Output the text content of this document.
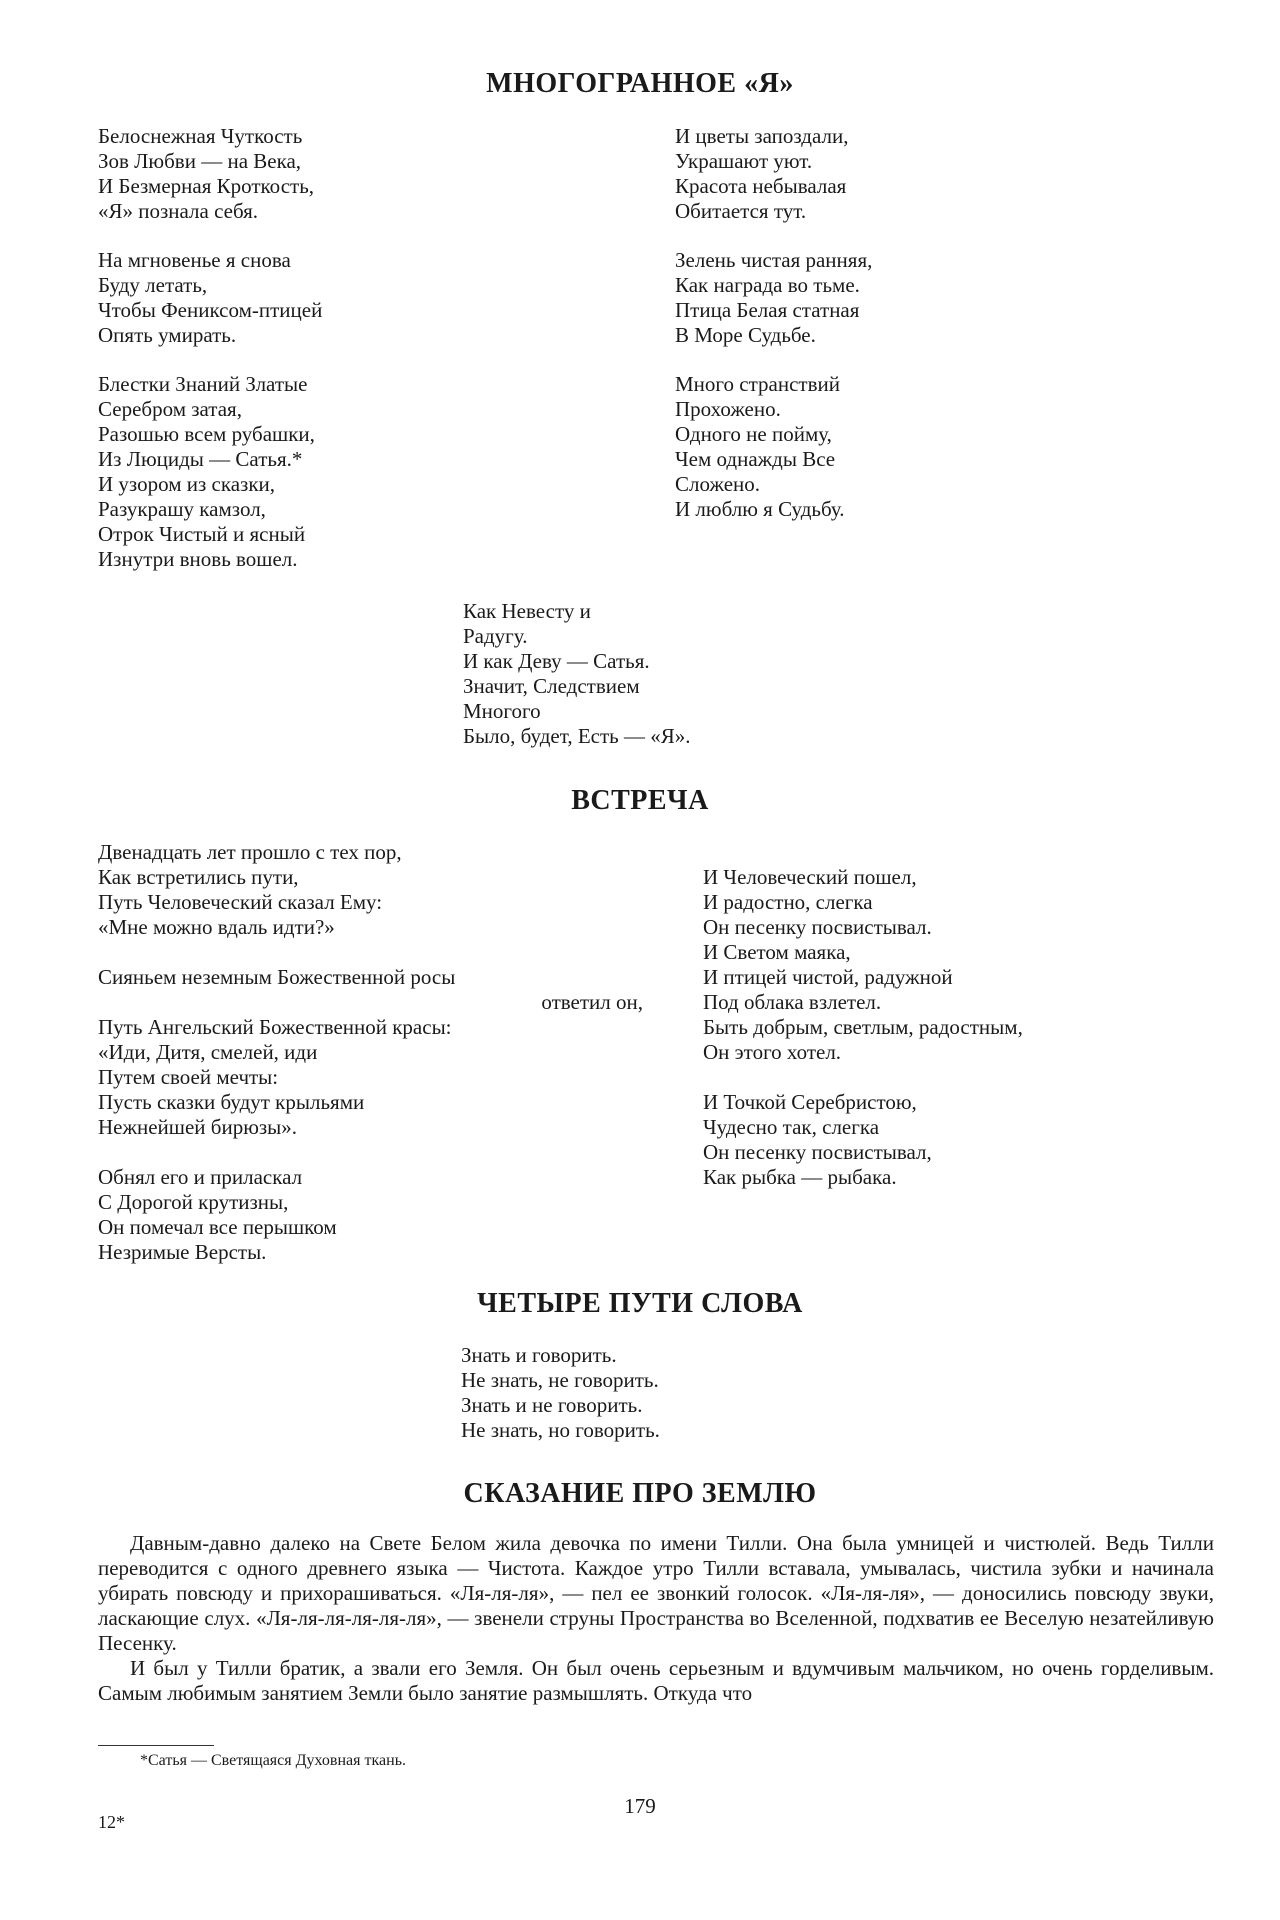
МНОГОГРАННОЕ «Я»
Белоснежная Чуткость
Зов Любви — на Века,
И Безмерная Кроткость,
«Я» познала себя.
На мгновенье я снова
Буду летать,
Чтобы Фениксом-птицей
Опять умирать.
Блестки Знаний Златые
Серебром затая,
Разошью всем рубашки,
Из Люциды — Сатья.*
И узором из сказки,
Разукрашу камзол,
Отрок Чистый и ясный
Изнутри вновь вошел.
И цветы запоздали,
Украшают уют.
Красота небывалая
Обитается тут.
Зелень чистая ранняя,
Как награда во тьме.
Птица Белая статная
В Море Судьбе.
Много странствий
Прохожено.
Одного не пойму,
Чем однажды Все
Сложено.
И люблю я Судьбу.
Как Невесту и
Радугу.
И как Деву — Сатья.
Значит, Следствием
Многого
Было, будет, Есть — «Я».
ВСТРЕЧА
Двенадцать лет прошло с тех пор,
Как встретились пути,
Путь Человеческий сказал Ему:
«Мне можно вдаль идти?»
Сияньем неземным Божественной росы
ответил он,
Путь Ангельский Божественной красы:
«Иди, Дитя, смелей, иди
Путем своей мечты:
Пусть сказки будут крыльями
Нежнейшей бирюзы».
Обнял его и приласкал
С Дорогой крутизны,
Он помечал все перышком
Незримые Версты.
И Человеческий пошел,
И радостно, слегка
Он песенку посвистывал.
И Светом маяка,
И птицей чистой, радужной
Под облака взлетел.
Быть добрым, светлым, радостным,
Он этого хотел.
И Точкой Серебристою,
Чудесно так, слегка
Он песенку посвистывал,
Как рыбка — рыбака.
ЧЕТЫРЕ ПУТИ СЛОВА
Знать и говорить.
Не знать, не говорить.
Знать и не говорить.
Не знать, но говорить.
СКАЗАНИЕ ПРО ЗЕМЛЮ

Давным-давно далеко на Свете Белом жила девочка по имени Тилли. Она была умницей и чистюлей. Ведь Тилли переводится с одного древнего языка — Чистота. Каждое утро Тилли вставала, умывалась, чистила зубки и начинала убирать повсюду и прихорашиваться. «Ля-ля-ля», — пел ее звонкий голосок. «Ля-ля-ля», — доносились повсюду звуки, ласкающие слух. «Ля-ля-ля-ля-ля-ля», — звенели струны Пространства во Вселенной, подхватив ее Веселую незатейливую Песенку.

И был у Тилли братик, а звали его Земля. Он был очень серьезным и вдумчивым мальчиком, но очень горделивым. Самым любимым занятием Земли было занятие размышлять. Откуда что

*Сатья — Светящаяся Духовная ткань.
179
12*
